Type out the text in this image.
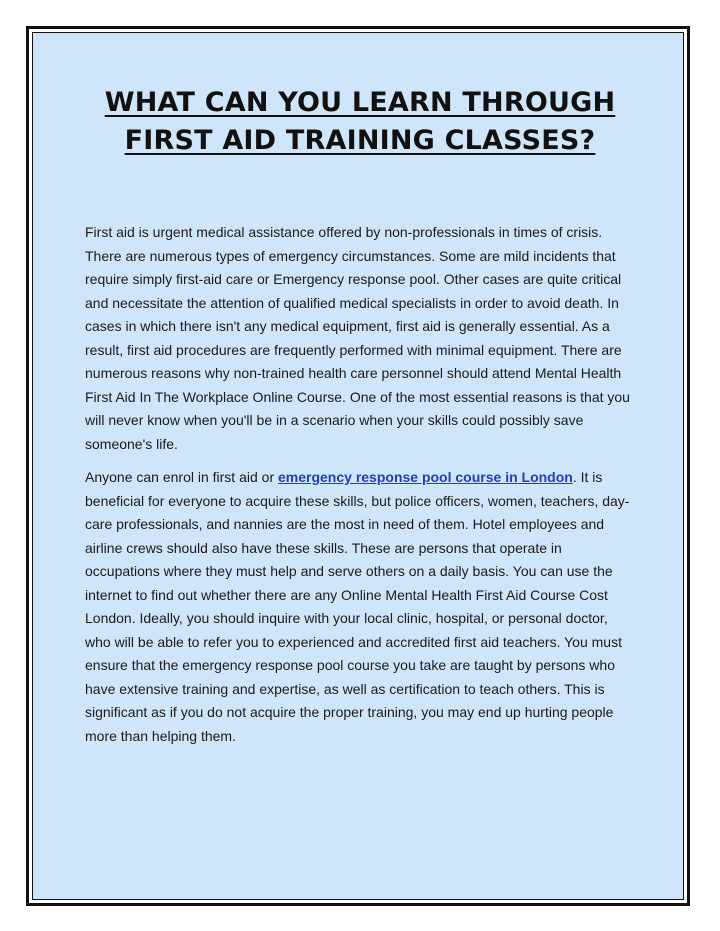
WHAT CAN YOU LEARN THROUGH
FIRST AID TRAINING CLASSES?

First aid is urgent medical assistance offered by non-professionals in times of crisis. There are numerous types of emergency circumstances. Some are mild incidents that require simply first-aid care or Emergency response pool. Other cases are quite critical and necessitate the attention of qualified medical specialists in order to avoid death. In cases in which there isn't any medical equipment, first aid is generally essential. As a result, first aid procedures are frequently performed with minimal equipment. There are numerous reasons why non-trained health care personnel should attend Mental Health First Aid In The Workplace Online Course. One of the most essential reasons is that you will never know when you'll be in a scenario when your skills could possibly save someone's life.

Anyone can enrol in first aid or emergency response pool course in London. It is beneficial for everyone to acquire these skills, but police officers, women, teachers, day-care professionals, and nannies are the most in need of them. Hotel employees and airline crews should also have these skills. These are persons that operate in occupations where they must help and serve others on a daily basis. You can use the internet to find out whether there are any Online Mental Health First Aid Course Cost London. Ideally, you should inquire with your local clinic, hospital, or personal doctor, who will be able to refer you to experienced and accredited first aid teachers. You must ensure that the emergency response pool course you take are taught by persons who have extensive training and expertise, as well as certification to teach others. This is significant as if you do not acquire the proper training, you may end up hurting people more than helping them.
